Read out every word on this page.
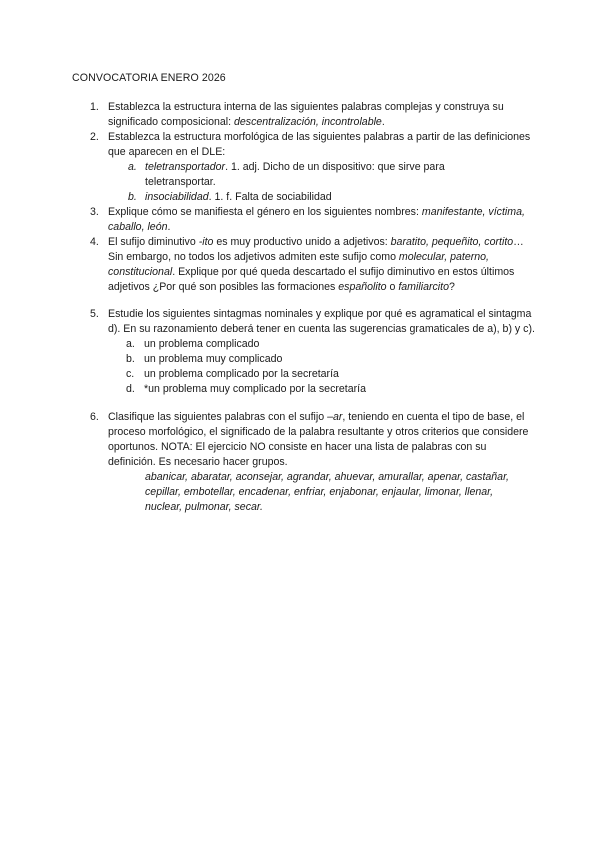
CONVOCATORIA ENERO 2026
1. Establezca la estructura interna de las siguientes palabras complejas y construya su significado composicional: descentralización, incontrolable.
2. Establezca la estructura morfológica de las siguientes palabras a partir de las definiciones que aparecen en el DLE:
a. teletransportador. 1. adj. Dicho de un dispositivo: que sirve para
teletransportar.
b. insociabilidad. 1. f. Falta de sociabilidad
3. Explique cómo se manifiesta el género en los siguientes nombres: manifestante, víctima, caballo, león.
4. El sufijo diminutivo -ito es muy productivo unido a adjetivos: baratito, pequeñito, cortito… Sin embargo, no todos los adjetivos admiten este sufijo como molecular, paterno, constitucional. Explique por qué queda descartado el sufijo diminutivo en estos últimos adjetivos ¿Por qué son posibles las formaciones españolito o familiarcito?
5. Estudie los siguientes sintagmas nominales y explique por qué es agramatical el sintagma d). En su razonamiento deberá tener en cuenta las sugerencias gramaticales de a), b) y c).
a. un problema complicado
b. un problema muy complicado
c. un problema complicado por la secretaría
d. *un problema muy complicado por la secretaría
6. Clasifique las siguientes palabras con el sufijo –ar, teniendo en cuenta el tipo de base, el proceso morfológico, el significado de la palabra resultante y otros criterios que considere oportunos. NOTA: El ejercicio NO consiste en hacer una lista de palabras con su definición. Es necesario hacer grupos.
abanicar, abaratar, aconsejar, agrandar, ahuevar, amurallar, apenar, castañar,
cepillar, embotellar, encadenar, enfriar, enjabonar, enjaular, limonar, llenar,
nuclear, pulmonar, secar.
